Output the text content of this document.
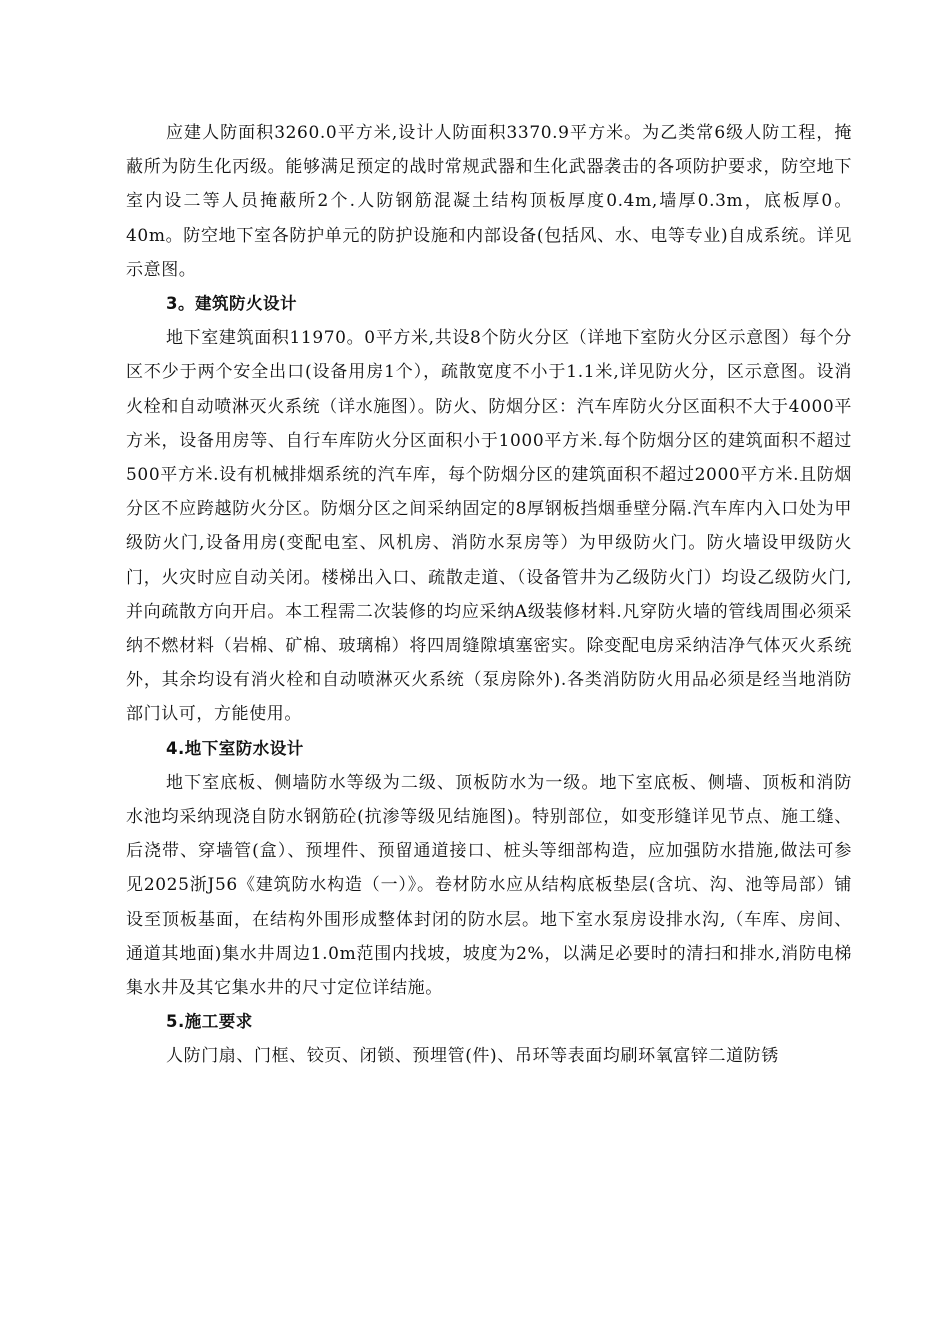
应建人防面积3260.0平方米,设计人防面积3370.9平方米。为乙类常6级人防工程，掩蔽所为防生化丙级。能够满足预定的战时常规武器和生化武器袭击的各项防护要求，防空地下室内设二等人员掩蔽所2个.人防钢筋混凝土结构顶板厚度0.4m,墙厚0.3m，底板厚0。40m。防空地下室各防护单元的防护设施和内部设备(包括风、水、电等专业)自成系统。详见示意图。

3。建筑防火设计

地下室建筑面积11970。0平方米,共设8个防火分区（详地下室防火分区示意图）每个分区不少于两个安全出口(设备用房1个），疏散宽度不小于1.1米,详见防火分，区示意图。设消火栓和自动喷淋灭火系统（详水施图）。防火、防烟分区：汽车库防火分区面积不大于4000平方米，设备用房等、自行车库防火分区面积小于1000平方米.每个防烟分区的建筑面积不超过500平方米.设有机械排烟系统的汽车库，每个防烟分区的建筑面积不超过2000平方米.且防烟分区不应跨越防火分区。防烟分区之间采纳固定的8厚钢板挡烟垂壁分隔.汽车库内入口处为甲级防火门,设备用房(变配电室、风机房、消防水泵房等）为甲级防火门。防火墙设甲级防火门，火灾时应自动关闭。楼梯出入口、疏散走道、（设备管井为乙级防火门）均设乙级防火门,并向疏散方向开启。本工程需二次装修的均应采纳A级装修材料.凡穿防火墙的管线周围必须采纳不燃材料（岩棉、矿棉、玻璃棉）将四周缝隙填塞密实。除变配电房采纳洁净气体灭火系统外，其余均设有消火栓和自动喷淋灭火系统（泵房除外).各类消防防火用品必须是经当地消防部门认可，方能使用。

4.地下室防水设计

地下室底板、侧墙防水等级为二级、顶板防水为一级。地下室底板、侧墙、顶板和消防水池均采纳现浇自防水钢筋砼(抗渗等级见结施图)。特别部位，如变形缝详见节点、施工缝、后浇带、穿墙管(盒）、预埋件、预留通道接口、桩头等细部构造，应加强防水措施,做法可参见2025浙J56《建筑防水构造（一）》。卷材防水应从结构底板垫层(含坑、沟、池等局部）铺设至顶板基面，在结构外围形成整体封闭的防水层。地下室水泵房设排水沟,（车库、房间、通道其地面)集水井周边1.0m范围内找坡，坡度为2%，以满足必要时的清扫和排水,消防电梯集水井及其它集水井的尺寸定位详结施。

5.施工要求

人防门扇、门框、铰页、闭锁、预埋管(件)、吊环等表面均刷环氧富锌二道防锈
